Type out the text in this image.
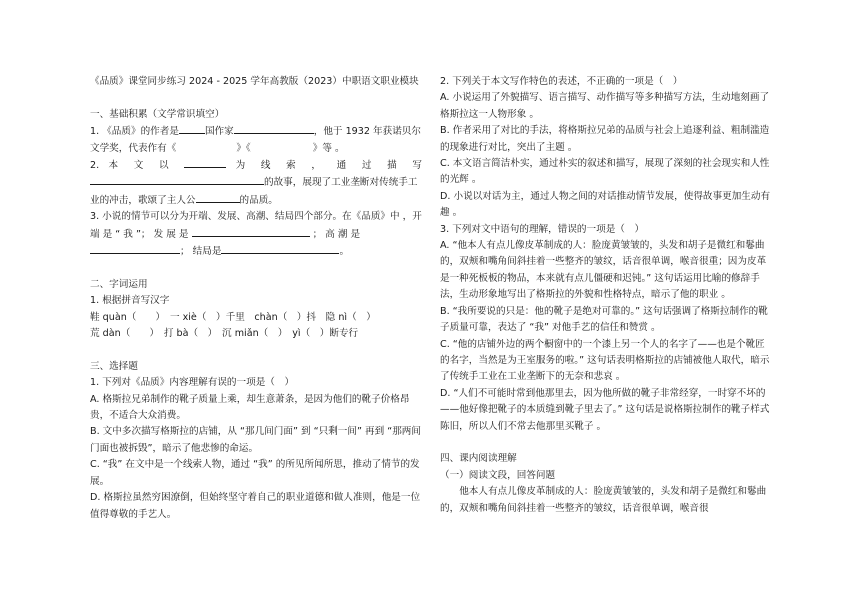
《品质》课堂同步练习 2024 - 2025 学年高教版（2023）中职语文职业模块

一、基础积累（文学常识填空）

1. 《品质》的作者是	国作家	，他于 1932 年获诺贝尔文学奖，代表作有《	》《	》等 。

2. 本 文 以	为 线 索 ， 通 过 描 写

的故事，展现了工业垄断对传统手工业的冲击，歌颂了主人公	的品质。

3. 小说的情节可以分为开端、发展、高潮、结局四个部分。在《品质》中 ，开 端 是 “ 我 ”； 发 展 是	； 高 潮 是 ； 结局是	。

二、字词运用

1. 根据拼音写汉字

鞋 quàn（　　）　一 xiè（　）千里　chàn（　）抖　隐 nì（　）

荒 dàn（　　）　打 bà（　）　沉 miǎn（　）　yì（　）断专行

三、选择题

1. 下列对《品质》内容理解有误的一项是（　）

A. 格斯拉兄弟制作的靴子质量上乘，却生意萧条，是因为他们的靴子价格昂贵，不适合大众消费。

B. 文中多次描写格斯拉的店铺，从 “那几间门面” 到 “只剩一间” 再到 “那两间门面也被拆毁”，暗示了他悲惨的命运。

C. “我” 在文中是一个线索人物，通过 “我” 的所见所闻所思，推动了情节的发展。

D. 格斯拉虽然穷困潦倒，但始终坚守着自己的职业道德和做人准则，他是一位值得尊敬的手艺人。

2. 下列关于本文写作特色的表述，不正确的一项是（　）

A. 小说运用了外貌描写、语言描写、动作描写等多种描写方法，生动地刻画了格斯拉这一人物形象 。

B. 作者采用了对比的手法，将格斯拉兄弟的品质与社会上追逐利益、粗制滥造的现象进行对比，突出了主题 。

C. 本文语言简洁朴实，通过朴实的叙述和描写，展现了深刻的社会现实和人性的光辉 。

D. 小说以对话为主，通过人物之间的对话推动情节发展，使得故事更加生动有趣 。

3. 下列对文中语句的理解，错误的一项是（　）

A. “他本人有点儿像皮革制成的人：脸庞黄皱皱的，头发和胡子是微红和鬈曲的，双颊和嘴角间斜挂着一些整齐的皱纹，话音很单调，喉音很重；因为皮革是一种死板板的物品，本来就有点儿僵硬和迟钝。” 这句话运用比喻的修辞手法，生动形象地写出了格斯拉的外貌和性格特点，暗示了他的职业 。

B. “我所要说的只是：他的靴子是绝对可靠的。” 这句话强调了格斯拉制作的靴子质量可靠，表达了 “我” 对他手艺的信任和赞赏 。

C. “他的店铺外边的两个橱窗中的一个漆上另一个人的名字了——也是个靴匠的名字，当然是为王室服务的啦。” 这句话表明格斯拉的店铺被他人取代，暗示了传统手工业在工业垄断下的无奈和悲哀 。

D. “人们不可能时常到他那里去，因为他所做的靴子非常经穿，一时穿不坏的——他好像把靴子的本质缝到靴子里去了。” 这句话是说格斯拉制作的靴子样式陈旧，所以人们不常去他那里买靴子 。

四、课内阅读理解

（一）阅读文段，回答问题

他本人有点儿像皮革制成的人：脸庞黄皱皱的，头发和胡子是微红和鬈曲的，双颊和嘴角间斜挂着一些整齐的皱纹，话音很单调，喉音很
